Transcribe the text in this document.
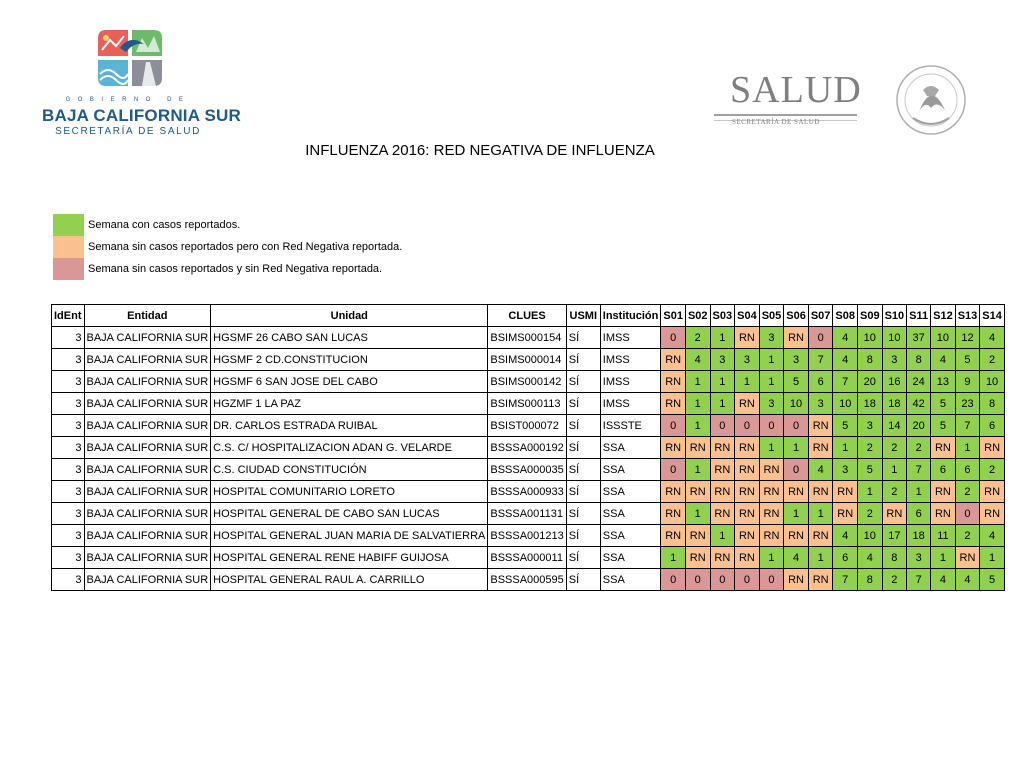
GOBIERNO DE
BAJA CALIFORNIA SUR
SECRETARÍA DE SALUD
SALUD
SECRETARÍA DE SALUD
INFLUENZA 2016: RED NEGATIVA DE INFLUENZA
Semana con casos reportados.
Semana sin casos reportados pero con Red Negativa reportada.
Semana sin casos reportados y sin Red Negativa reportada.
IdEnt	Entidad	Unidad	CLUES	USMI	Institución	S01	S02	S03	S04	S05	S06	S07	S08	S09	S10	S11	S12	S13	S14
3	BAJA CALIFORNIA SUR	HGSMF 26 CABO SAN LUCAS	BSIMS000154	SÍ	IMSS	0	2	1	RN	3	RN	0	4	10	10	37	10	12	4
3	BAJA CALIFORNIA SUR	HGSMF 2 CD.CONSTITUCION	BSIMS000014	SÍ	IMSS	RN	4	3	3	1	3	7	4	8	3	8	4	5	2
3	BAJA CALIFORNIA SUR	HGSMF 6 SAN JOSE DEL CABO	BSIMS000142	SÍ	IMSS	RN	1	1	1	1	5	6	7	20	16	24	13	9	10
3	BAJA CALIFORNIA SUR	HGZMF 1 LA PAZ	BSIMS000113	SÍ	IMSS	RN	1	1	RN	3	10	3	10	18	18	42	5	23	8
3	BAJA CALIFORNIA SUR	DR. CARLOS ESTRADA RUIBAL	BSIST000072	SÍ	ISSSTE	0	1	0	0	0	0	RN	5	3	14	20	5	7	6
3	BAJA CALIFORNIA SUR	C.S. C/ HOSPITALIZACION ADAN G. VELARDE	BSSSA000192	SÍ	SSA	RN	RN	RN	RN	1	1	RN	1	2	2	2	RN	1	RN
3	BAJA CALIFORNIA SUR	C.S. CIUDAD CONSTITUCIÓN	BSSSA000035	SÍ	SSA	0	1	RN	RN	RN	0	4	3	5	1	7	6	6	2
3	BAJA CALIFORNIA SUR	HOSPITAL COMUNITARIO LORETO	BSSSA000933	SÍ	SSA	RN	RN	RN	RN	RN	RN	RN	RN	1	2	1	RN	2	RN
3	BAJA CALIFORNIA SUR	HOSPITAL GENERAL DE CABO SAN LUCAS	BSSSA001131	SÍ	SSA	RN	1	RN	RN	RN	1	1	RN	2	RN	6	RN	0	RN
3	BAJA CALIFORNIA SUR	HOSPITAL GENERAL JUAN MARIA DE SALVATIERRA	BSSSA001213	SÍ	SSA	RN	RN	1	RN	RN	RN	RN	4	10	17	18	11	2	4
3	BAJA CALIFORNIA SUR	HOSPITAL GENERAL RENE HABIFF GUIJOSA	BSSSA000011	SÍ	SSA	1	RN	RN	RN	1	4	1	6	4	8	3	1	RN	1
3	BAJA CALIFORNIA SUR	HOSPITAL GENERAL RAUL A. CARRILLO	BSSSA000595	SÍ	SSA	0	0	0	0	0	RN	RN	7	8	2	7	4	4	5
